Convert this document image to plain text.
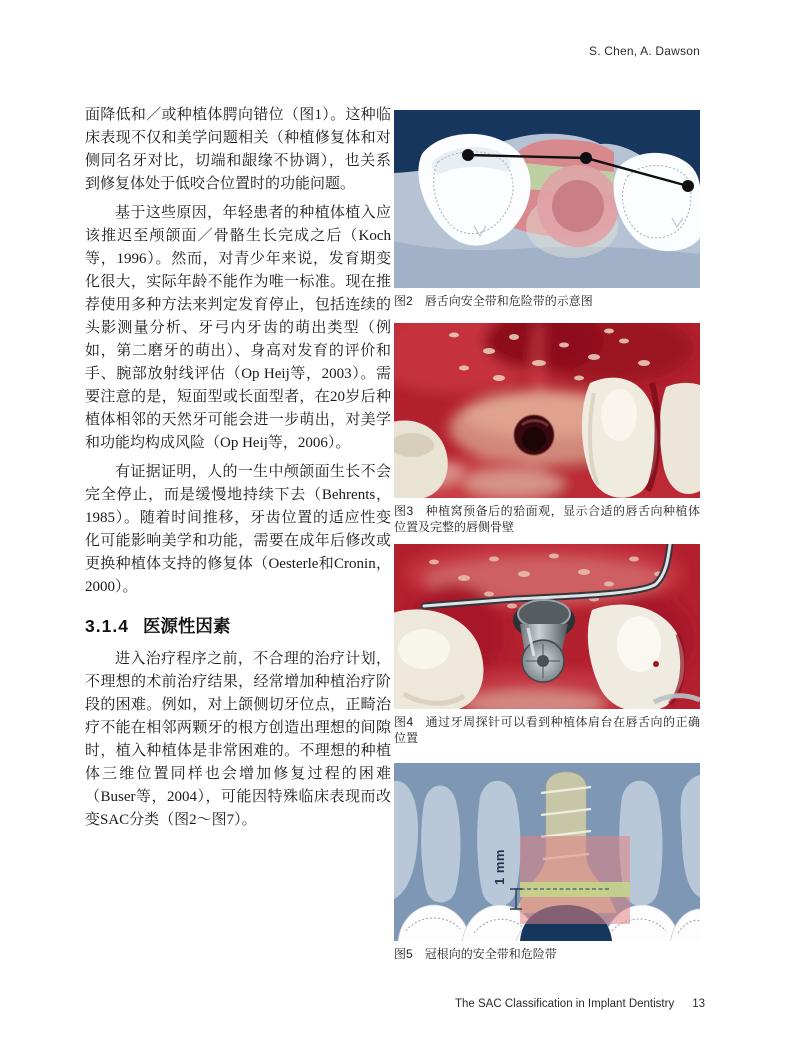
S. Chen, A. Dawson

面降低和／或种植体腭向错位（图1）。这种临床表现不仅和美学问题相关（种植修复体和对侧同名牙对比，切端和龈缘不协调），也关系到修复体处于低咬合位置时的功能问题。

基于这些原因，年轻患者的种植体植入应该推迟至颅颌面／骨骼生长完成之后（Koch等，1996）。然而，对青少年来说，发育期变化很大，实际年龄不能作为唯一标准。现在推荐使用多种方法来判定发育停止，包括连续的头影测量分析、牙弓内牙齿的萌出类型（例如，第二磨牙的萌出）、身高对发育的评价和手、腕部放射线评估（Op Heij等，2003）。需要注意的是，短面型或长面型者，在20岁后种植体相邻的天然牙可能会进一步萌出，对美学和功能均构成风险（Op Heij等，2006）。

有证据证明，人的一生中颅颌面生长不会完全停止，而是缓慢地持续下去（Behrents，1985）。随着时间推移，牙齿位置的适应性变化可能影响美学和功能，需要在成年后修改或更换种植体支持的修复体（Oesterle和Cronin，2000）。

3.1.4 医源性因素

进入治疗程序之前，不合理的治疗计划，不理想的术前治疗结果，经常增加种植治疗阶段的困难。例如，对上颌侧切牙位点，正畸治疗不能在相邻两颗牙的根方创造出理想的间隙时，植入种植体是非常困难的。不理想的种植体三维位置同样也会增加修复过程的困难（Buser等，2004），可能因特殊临床表现而改变SAC分类（图2～图7）。

图2 唇舌向安全带和危险带的示意图
图3 种植窝预备后的𬌗面观，显示合适的唇舌向种植体位置及完整的唇侧骨壁
图4 通过牙周探针可以看到种植体肩台在唇舌向的正确位置
1 mm
图5 冠根向的安全带和危险带
The SAC Classification in Implant Dentistry 13
